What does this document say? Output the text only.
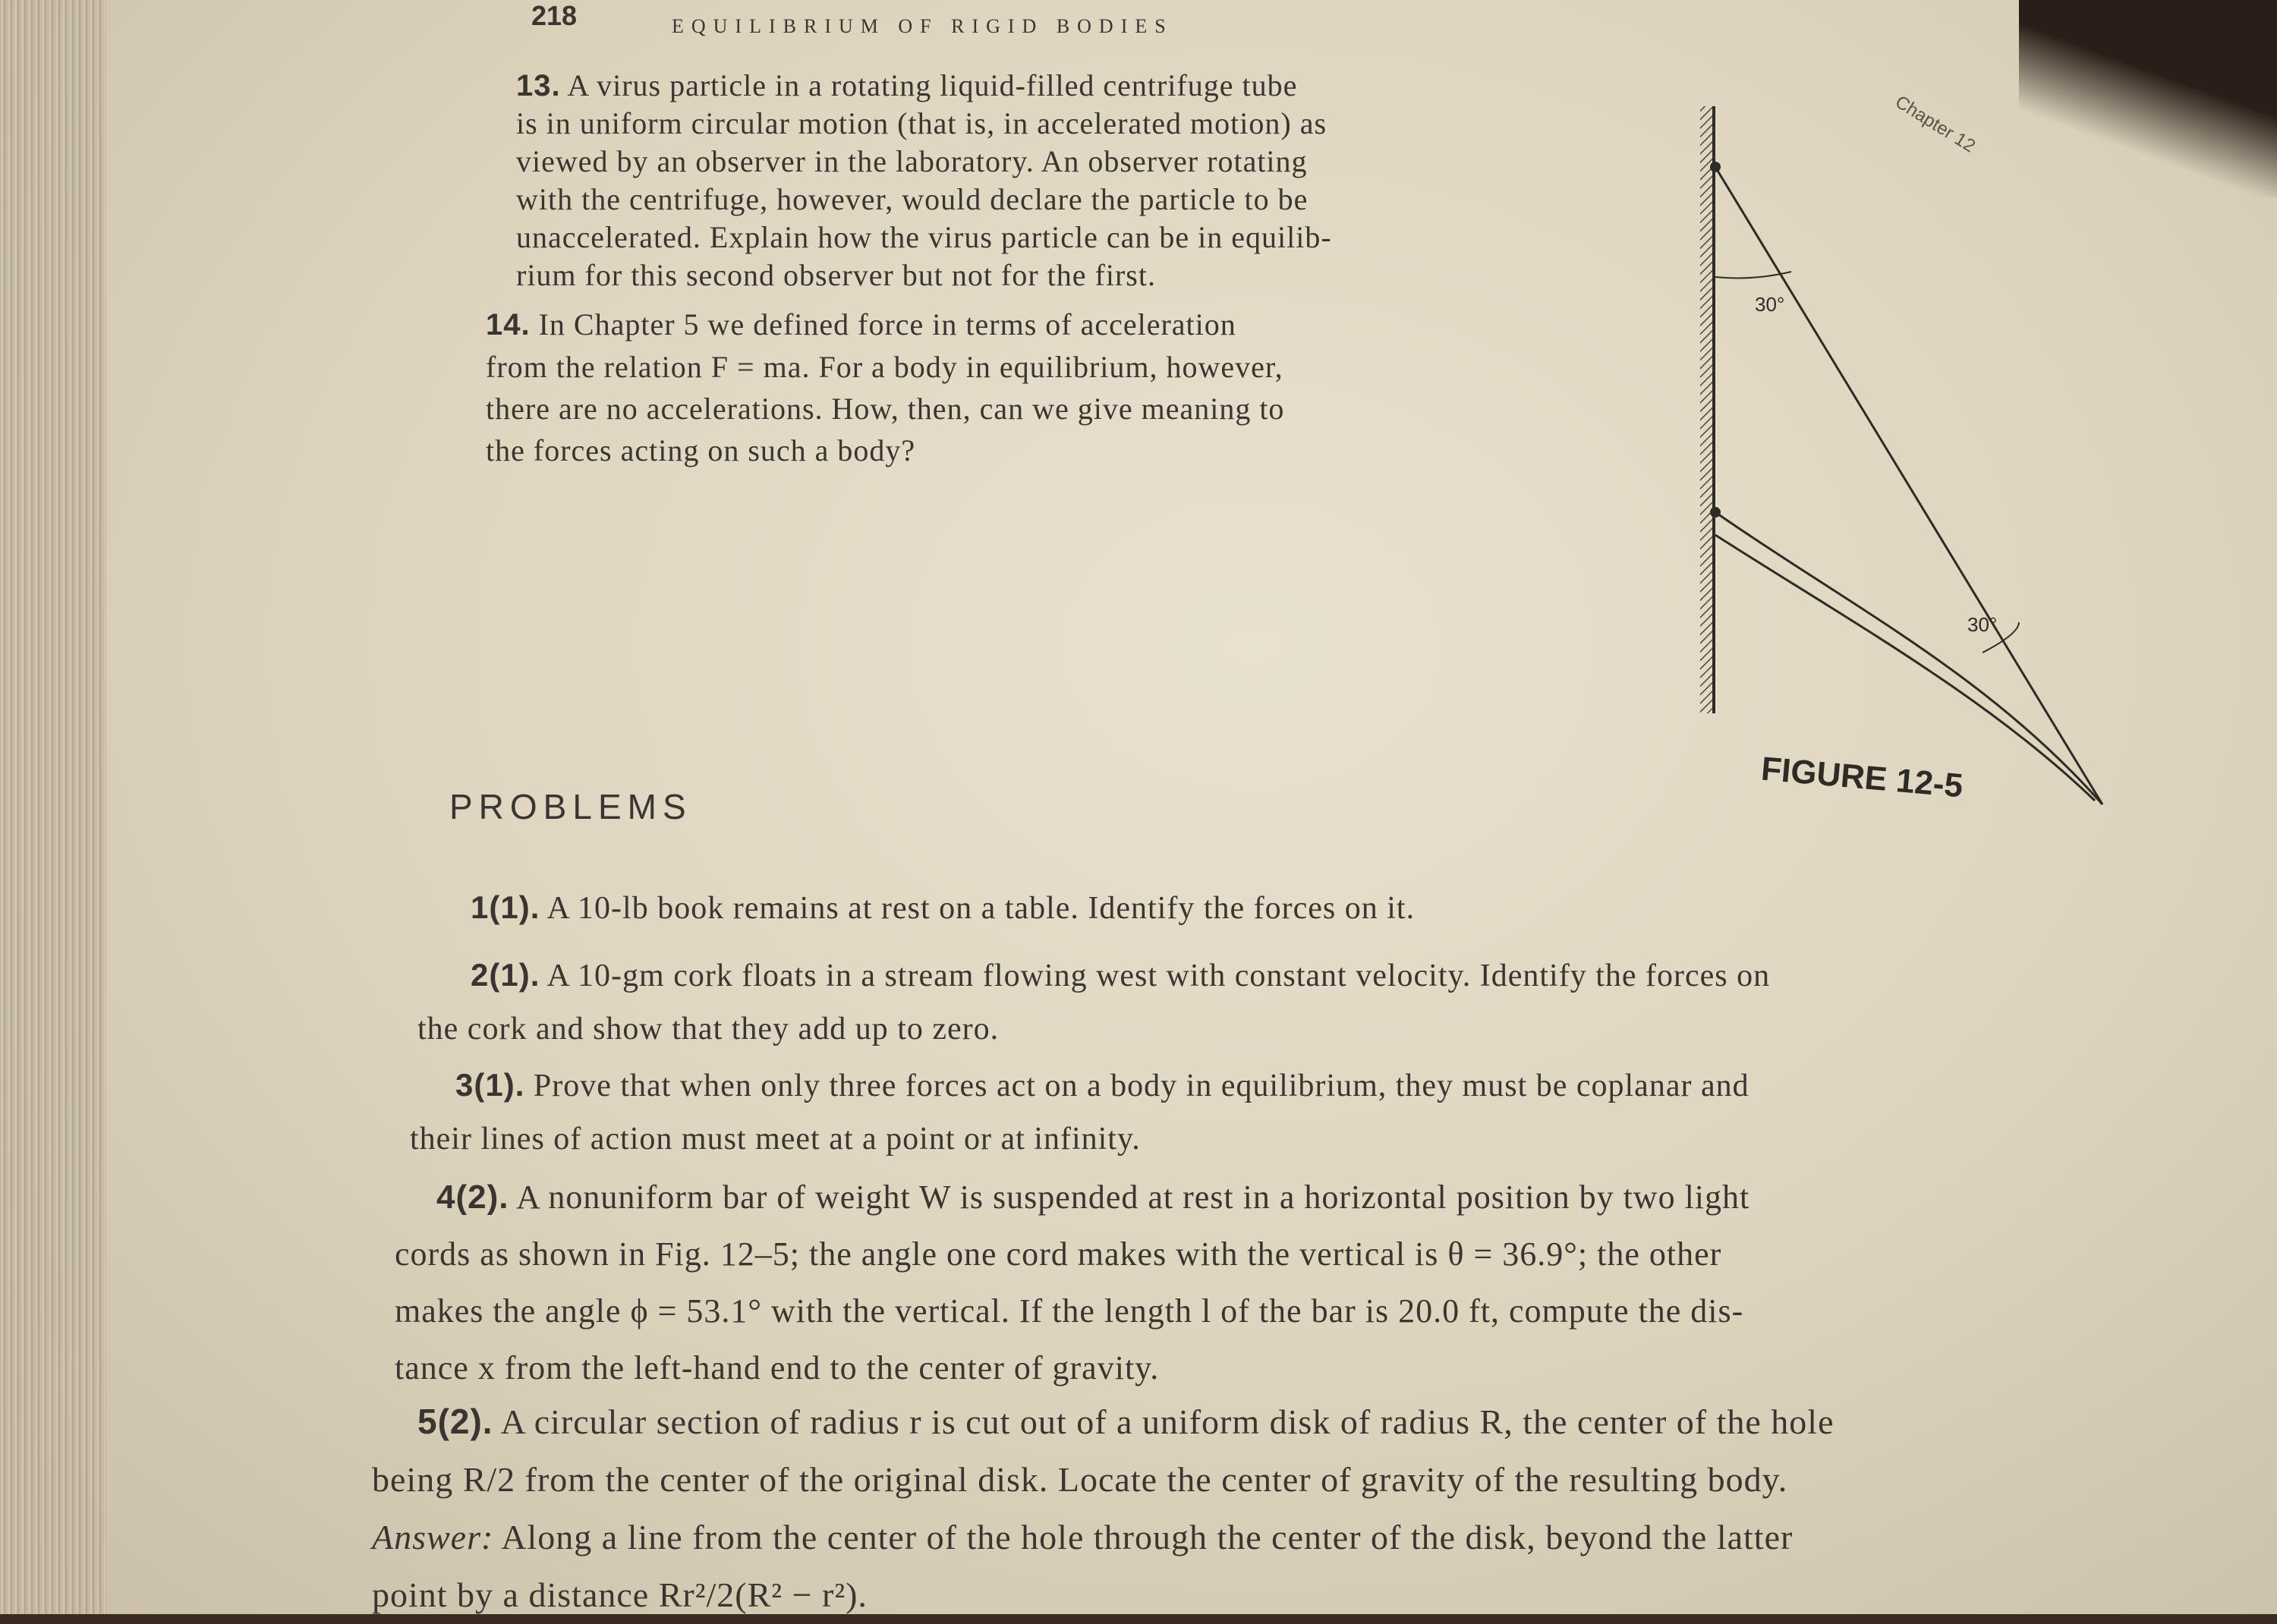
218	EQUILIBRIUM OF RIGID BODIES
Chapter 12
13. A virus particle in a rotating liquid-filled centrifuge tube
is in uniform circular motion (that is, in accelerated motion) as
viewed by an observer in the laboratory. An observer rotating
with the centrifuge, however, would declare the particle to be
unaccelerated. Explain how the virus particle can be in equilib-
rium for this second observer but not for the first.
14. In Chapter 5 we defined force in terms of acceleration
from the relation F = ma. For a body in equilibrium, however,
there are no accelerations. How, then, can we give meaning to
the forces acting on such a body?
30°
30°
FIGURE 12-5
PROBLEMS
1(1). A 10-lb book remains at rest on a table. Identify the forces on it.
2(1). A 10-gm cork floats in a stream flowing west with constant velocity. Identify the forces on
the cork and show that they add up to zero.
3(1). Prove that when only three forces act on a body in equilibrium, they must be coplanar and
their lines of action must meet at a point or at infinity.
4(2). A nonuniform bar of weight W is suspended at rest in a horizontal position by two light
cords as shown in Fig. 12–5; the angle one cord makes with the vertical is θ = 36.9°; the other
makes the angle ϕ = 53.1° with the vertical. If the length l of the bar is 20.0 ft, compute the dis-
tance x from the left-hand end to the center of gravity.
5(2). A circular section of radius r is cut out of a uniform disk of radius R, the center of the hole
being R/2 from the center of the original disk. Locate the center of gravity of the resulting body.
Answer: Along a line from the center of the hole through the center of the disk, beyond the latter
point by a distance Rr²/2(R² − r²).
